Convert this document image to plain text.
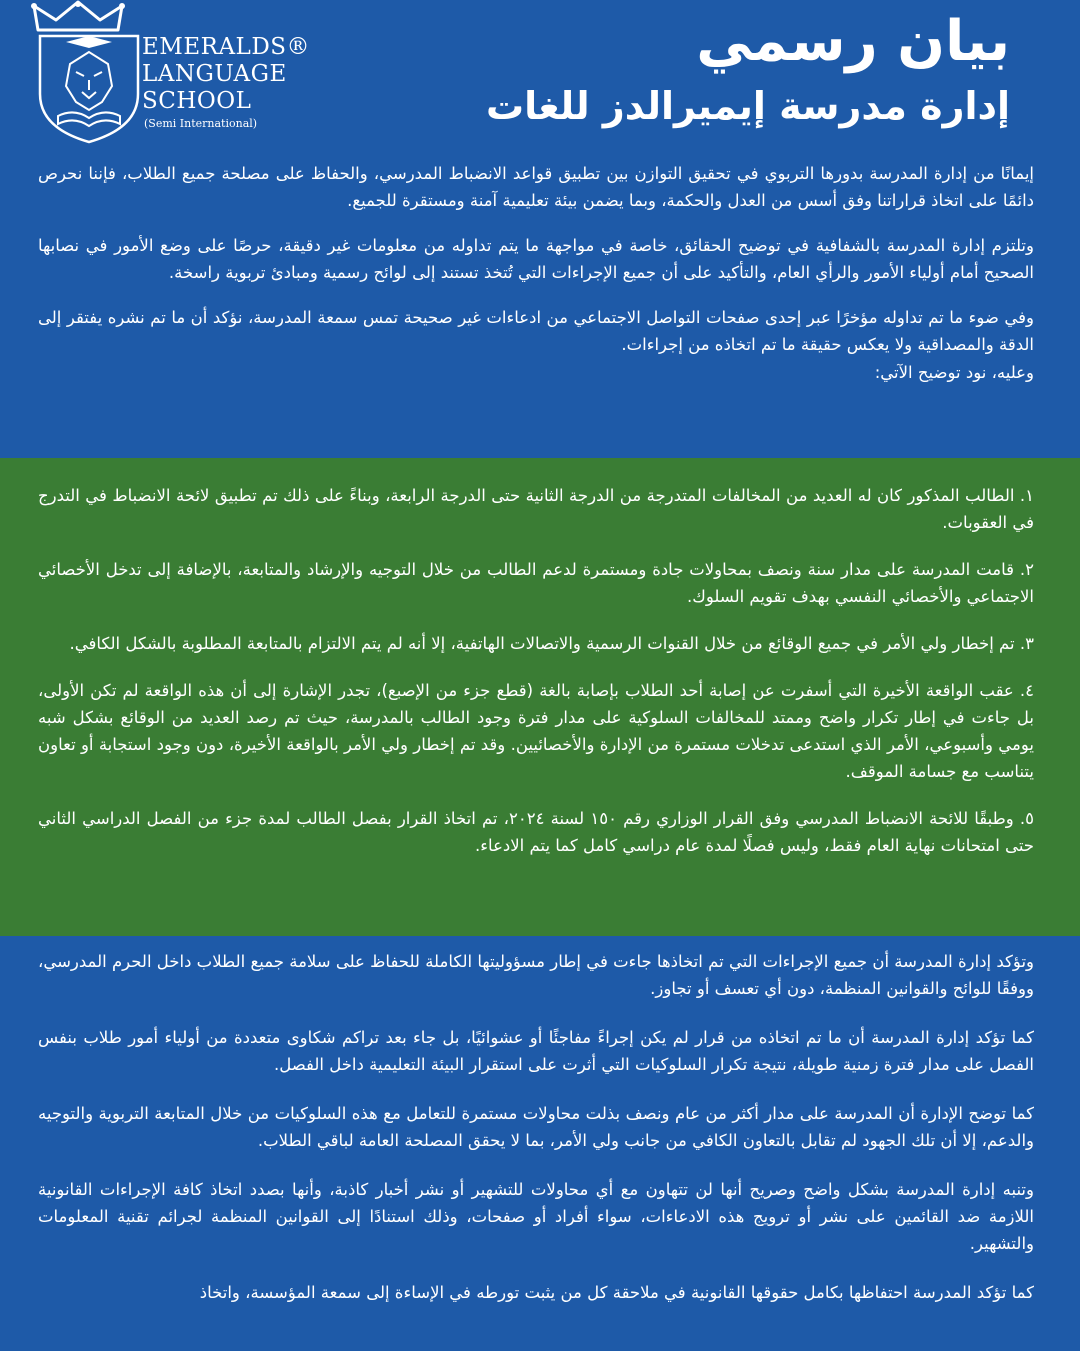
EMERALDS®
LANGUAGE
SCHOOL
(Semi International)
بيان رسمي
إدارة مدرسة إيميرالدز للغات

إيمانًا من إدارة المدرسة بدورها التربوي في تحقيق التوازن بين تطبيق قواعد الانضباط المدرسي، والحفاظ على مصلحة جميع الطلاب، فإننا نحرص دائمًا على اتخاذ قراراتنا وفق أسس من العدل والحكمة، وبما يضمن بيئة تعليمية آمنة ومستقرة للجميع.

وتلتزم إدارة المدرسة بالشفافية في توضيح الحقائق، خاصة في مواجهة ما يتم تداوله من معلومات غير دقيقة، حرصًا على وضع الأمور في نصابها الصحيح أمام أولياء الأمور والرأي العام، والتأكيد على أن جميع الإجراءات التي تُتخذ تستند إلى لوائح رسمية ومبادئ تربوية راسخة.

وفي ضوء ما تم تداوله مؤخرًا عبر إحدى صفحات التواصل الاجتماعي من ادعاءات غير صحيحة تمس سمعة المدرسة، نؤكد أن ما تم نشره يفتقر إلى الدقة والمصداقية ولا يعكس حقيقة ما تم اتخاذه من إجراءات.

وعليه، نود توضيح الآتي:

١. الطالب المذكور كان له العديد من المخالفات المتدرجة من الدرجة الثانية حتى الدرجة الرابعة، وبناءً على ذلك تم تطبيق لائحة الانضباط في التدرج في العقوبات.

٢. قامت المدرسة على مدار سنة ونصف بمحاولات جادة ومستمرة لدعم الطالب من خلال التوجيه والإرشاد والمتابعة، بالإضافة إلى تدخل الأخصائي الاجتماعي والأخصائي النفسي بهدف تقويم السلوك.

٣. تم إخطار ولي الأمر في جميع الوقائع من خلال القنوات الرسمية والاتصالات الهاتفية، إلا أنه لم يتم الالتزام بالمتابعة المطلوبة بالشكل الكافي.

٤. عقب الواقعة الأخيرة التي أسفرت عن إصابة أحد الطلاب بإصابة بالغة (قطع جزء من الإصبع)، تجدر الإشارة إلى أن هذه الواقعة لم تكن الأولى، بل جاءت في إطار تكرار واضح وممتد للمخالفات السلوكية على مدار فترة وجود الطالب بالمدرسة، حيث تم رصد العديد من الوقائع بشكل شبه يومي وأسبوعي، الأمر الذي استدعى تدخلات مستمرة من الإدارة والأخصائيين. وقد تم إخطار ولي الأمر بالواقعة الأخيرة، دون وجود استجابة أو تعاون يتناسب مع جسامة الموقف.

٥. وطبقًا للائحة الانضباط المدرسي وفق القرار الوزاري رقم ١٥٠ لسنة ٢٠٢٤، تم اتخاذ القرار بفصل الطالب لمدة جزء من الفصل الدراسي الثاني حتى امتحانات نهاية العام فقط، وليس فصلًا لمدة عام دراسي كامل كما يتم الادعاء.

وتؤكد إدارة المدرسة أن جميع الإجراءات التي تم اتخاذها جاءت في إطار مسؤوليتها الكاملة للحفاظ على سلامة جميع الطلاب داخل الحرم المدرسي، ووفقًا للوائح والقوانين المنظمة، دون أي تعسف أو تجاوز.

كما تؤكد إدارة المدرسة أن ما تم اتخاذه من قرار لم يكن إجراءً مفاجئًا أو عشوائيًا، بل جاء بعد تراكم شكاوى متعددة من أولياء أمور طلاب بنفس الفصل على مدار فترة زمنية طويلة، نتيجة تكرار السلوكيات التي أثرت على استقرار البيئة التعليمية داخل الفصل.

كما توضح الإدارة أن المدرسة على مدار أكثر من عام ونصف بذلت محاولات مستمرة للتعامل مع هذه السلوكيات من خلال المتابعة التربوية والتوجيه والدعم، إلا أن تلك الجهود لم تقابل بالتعاون الكافي من جانب ولي الأمر، بما لا يحقق المصلحة العامة لباقي الطلاب.

وتنبه إدارة المدرسة بشكل واضح وصريح أنها لن تتهاون مع أي محاولات للتشهير أو نشر أخبار كاذبة، وأنها بصدد اتخاذ كافة الإجراءات القانونية اللازمة ضد القائمين على نشر أو ترويج هذه الادعاءات، سواء أفراد أو صفحات، وذلك استنادًا إلى القوانين المنظمة لجرائم تقنية المعلومات والتشهير.

كما تؤكد المدرسة احتفاظها بكامل حقوقها القانونية في ملاحقة كل من يثبت تورطه في الإساءة إلى سمعة المؤسسة، واتخاذ
